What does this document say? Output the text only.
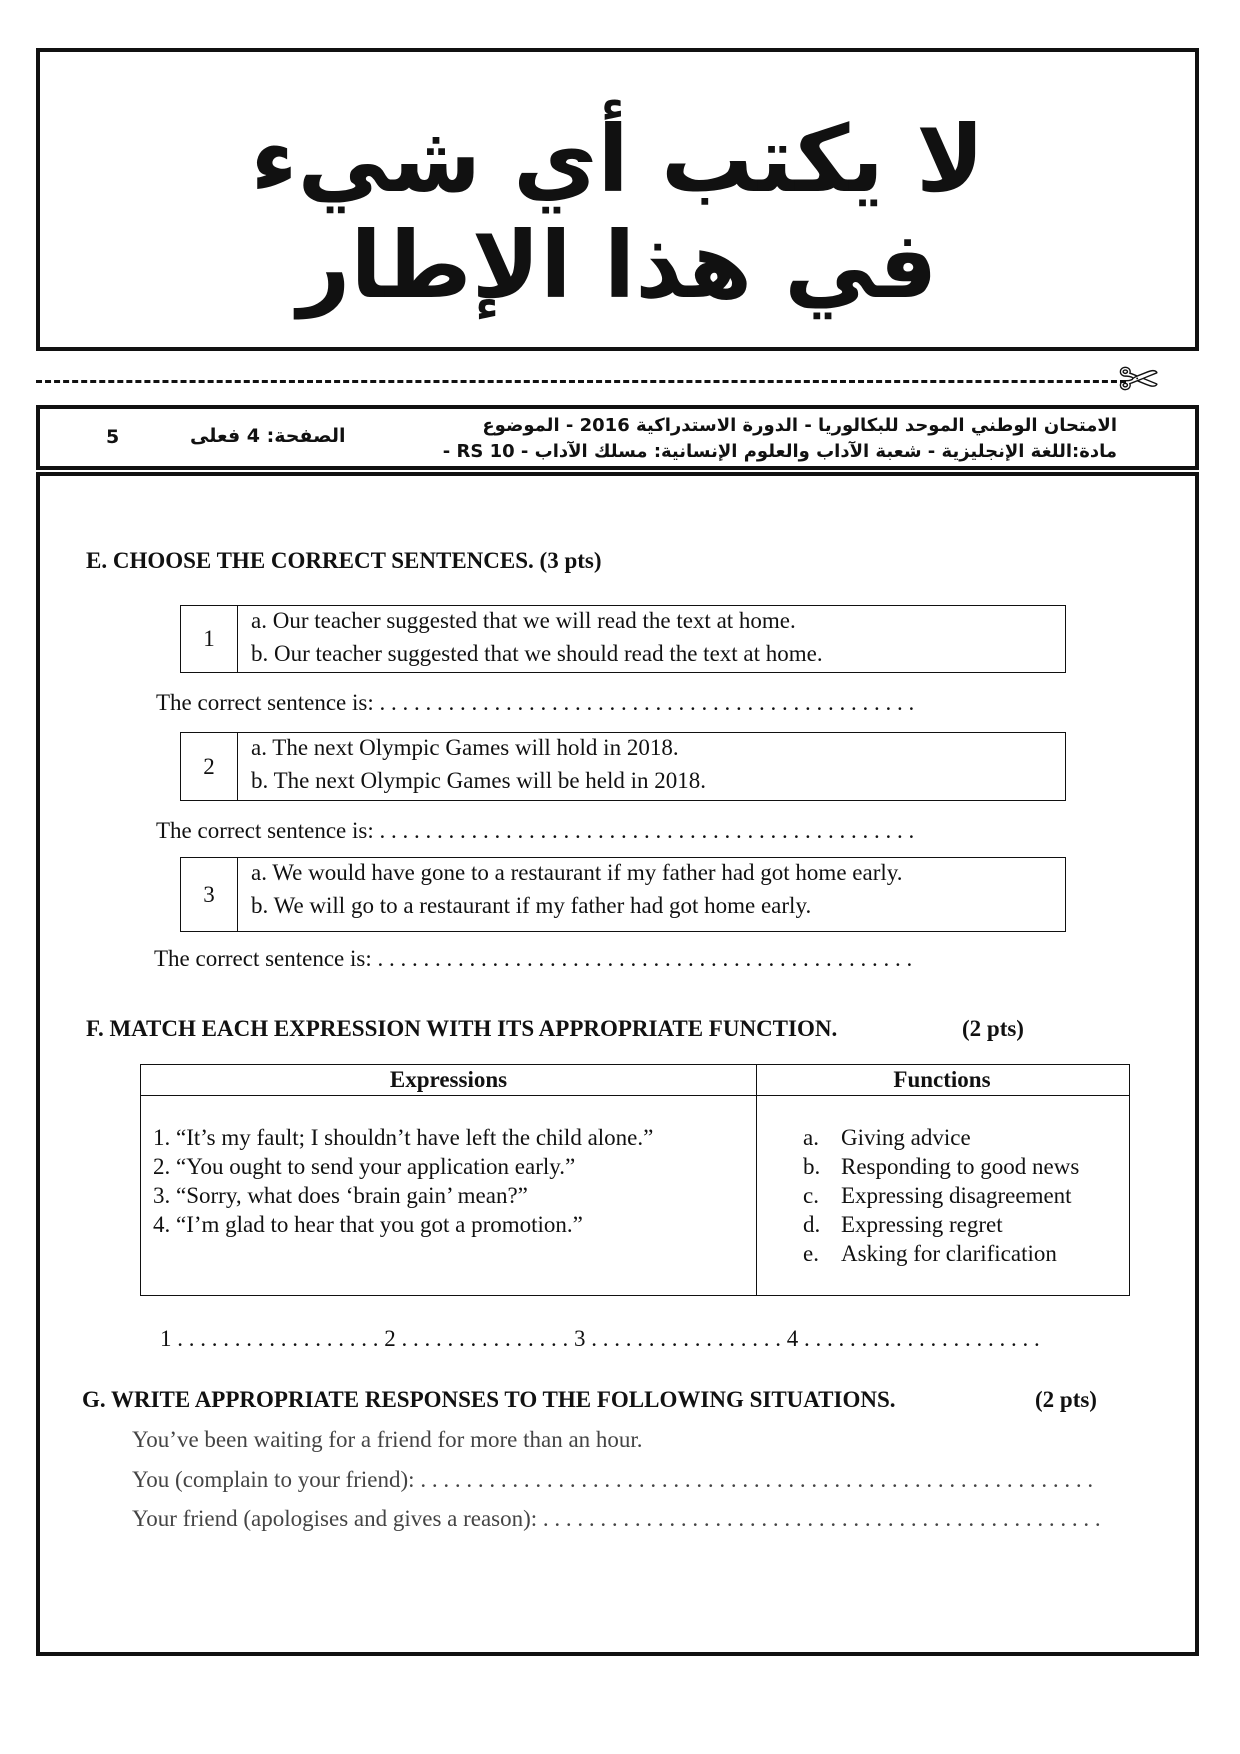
لا يكتب أي شيء
في هذا الإطار
✄
الامتحان الوطني الموحد للبكالوريا - الدورة الاستدراكية 2016 - الموضوع
مادة:اللغة الإنجليزية - شعبة الآداب والعلوم الإنسانية: مسلك الآداب - RS 10 -
الصفحة: 4 فعلى
5
E. CHOOSE THE CORRECT SENTENCES. (3 pts)
1
a. Our teacher suggested that we will read the text at home.
b. Our teacher suggested that we should read the text at home.
The correct sentence is: . . . . . . . . . . . . . . . . . . . . . . . . . . . . . . . . . . . . . . . . . . . . . . .
2
a. The next Olympic Games will hold in 2018.
b. The next Olympic Games will be held in 2018.
The correct sentence is: . . . . . . . . . . . . . . . . . . . . . . . . . . . . . . . . . . . . . . . . . . . . . . .
3
a. We would have gone to a restaurant if my father had got home early.
b. We will go to a restaurant if my father had got home early.
The correct sentence is: . . . . . . . . . . . . . . . . . . . . . . . . . . . . . . . . . . . . . . . . . . . . . . .
F. MATCH EACH EXPRESSION WITH ITS APPROPRIATE FUNCTION.	(2 pts)
Expressions	Functions
1. “It’s my fault; I shouldn’t have left the child alone.”
2. “You ought to send your application early.”
3. “Sorry, what does ‘brain gain’ mean?”
4. “I’m glad to hear that you got a promotion.”
a. Giving advice
b. Responding to good news
c. Expressing disagreement
d. Expressing regret
e. Asking for clarification
1 . . . . . . . . . . . . . . . . . . 2 . . . . . . . . . . . . . . . 3 . . . . . . . . . . . . . . . . . 4 . . . . . . . . . . . . . . . . . . . . .
G. WRITE APPROPRIATE RESPONSES TO THE FOLLOWING SITUATIONS.	(2 pts)
You’ve been waiting for a friend for more than an hour.
You (complain to your friend): . . . . . . . . . . . . . . . . . . . . . . . . . . . . . . . . . . . . . . . . . . . . . . . . . . . . . . . . . . .
Your friend (apologises and gives a reason): . . . . . . . . . . . . . . . . . . . . . . . . . . . . . . . . . . . . . . . . . . . . . . . . .
